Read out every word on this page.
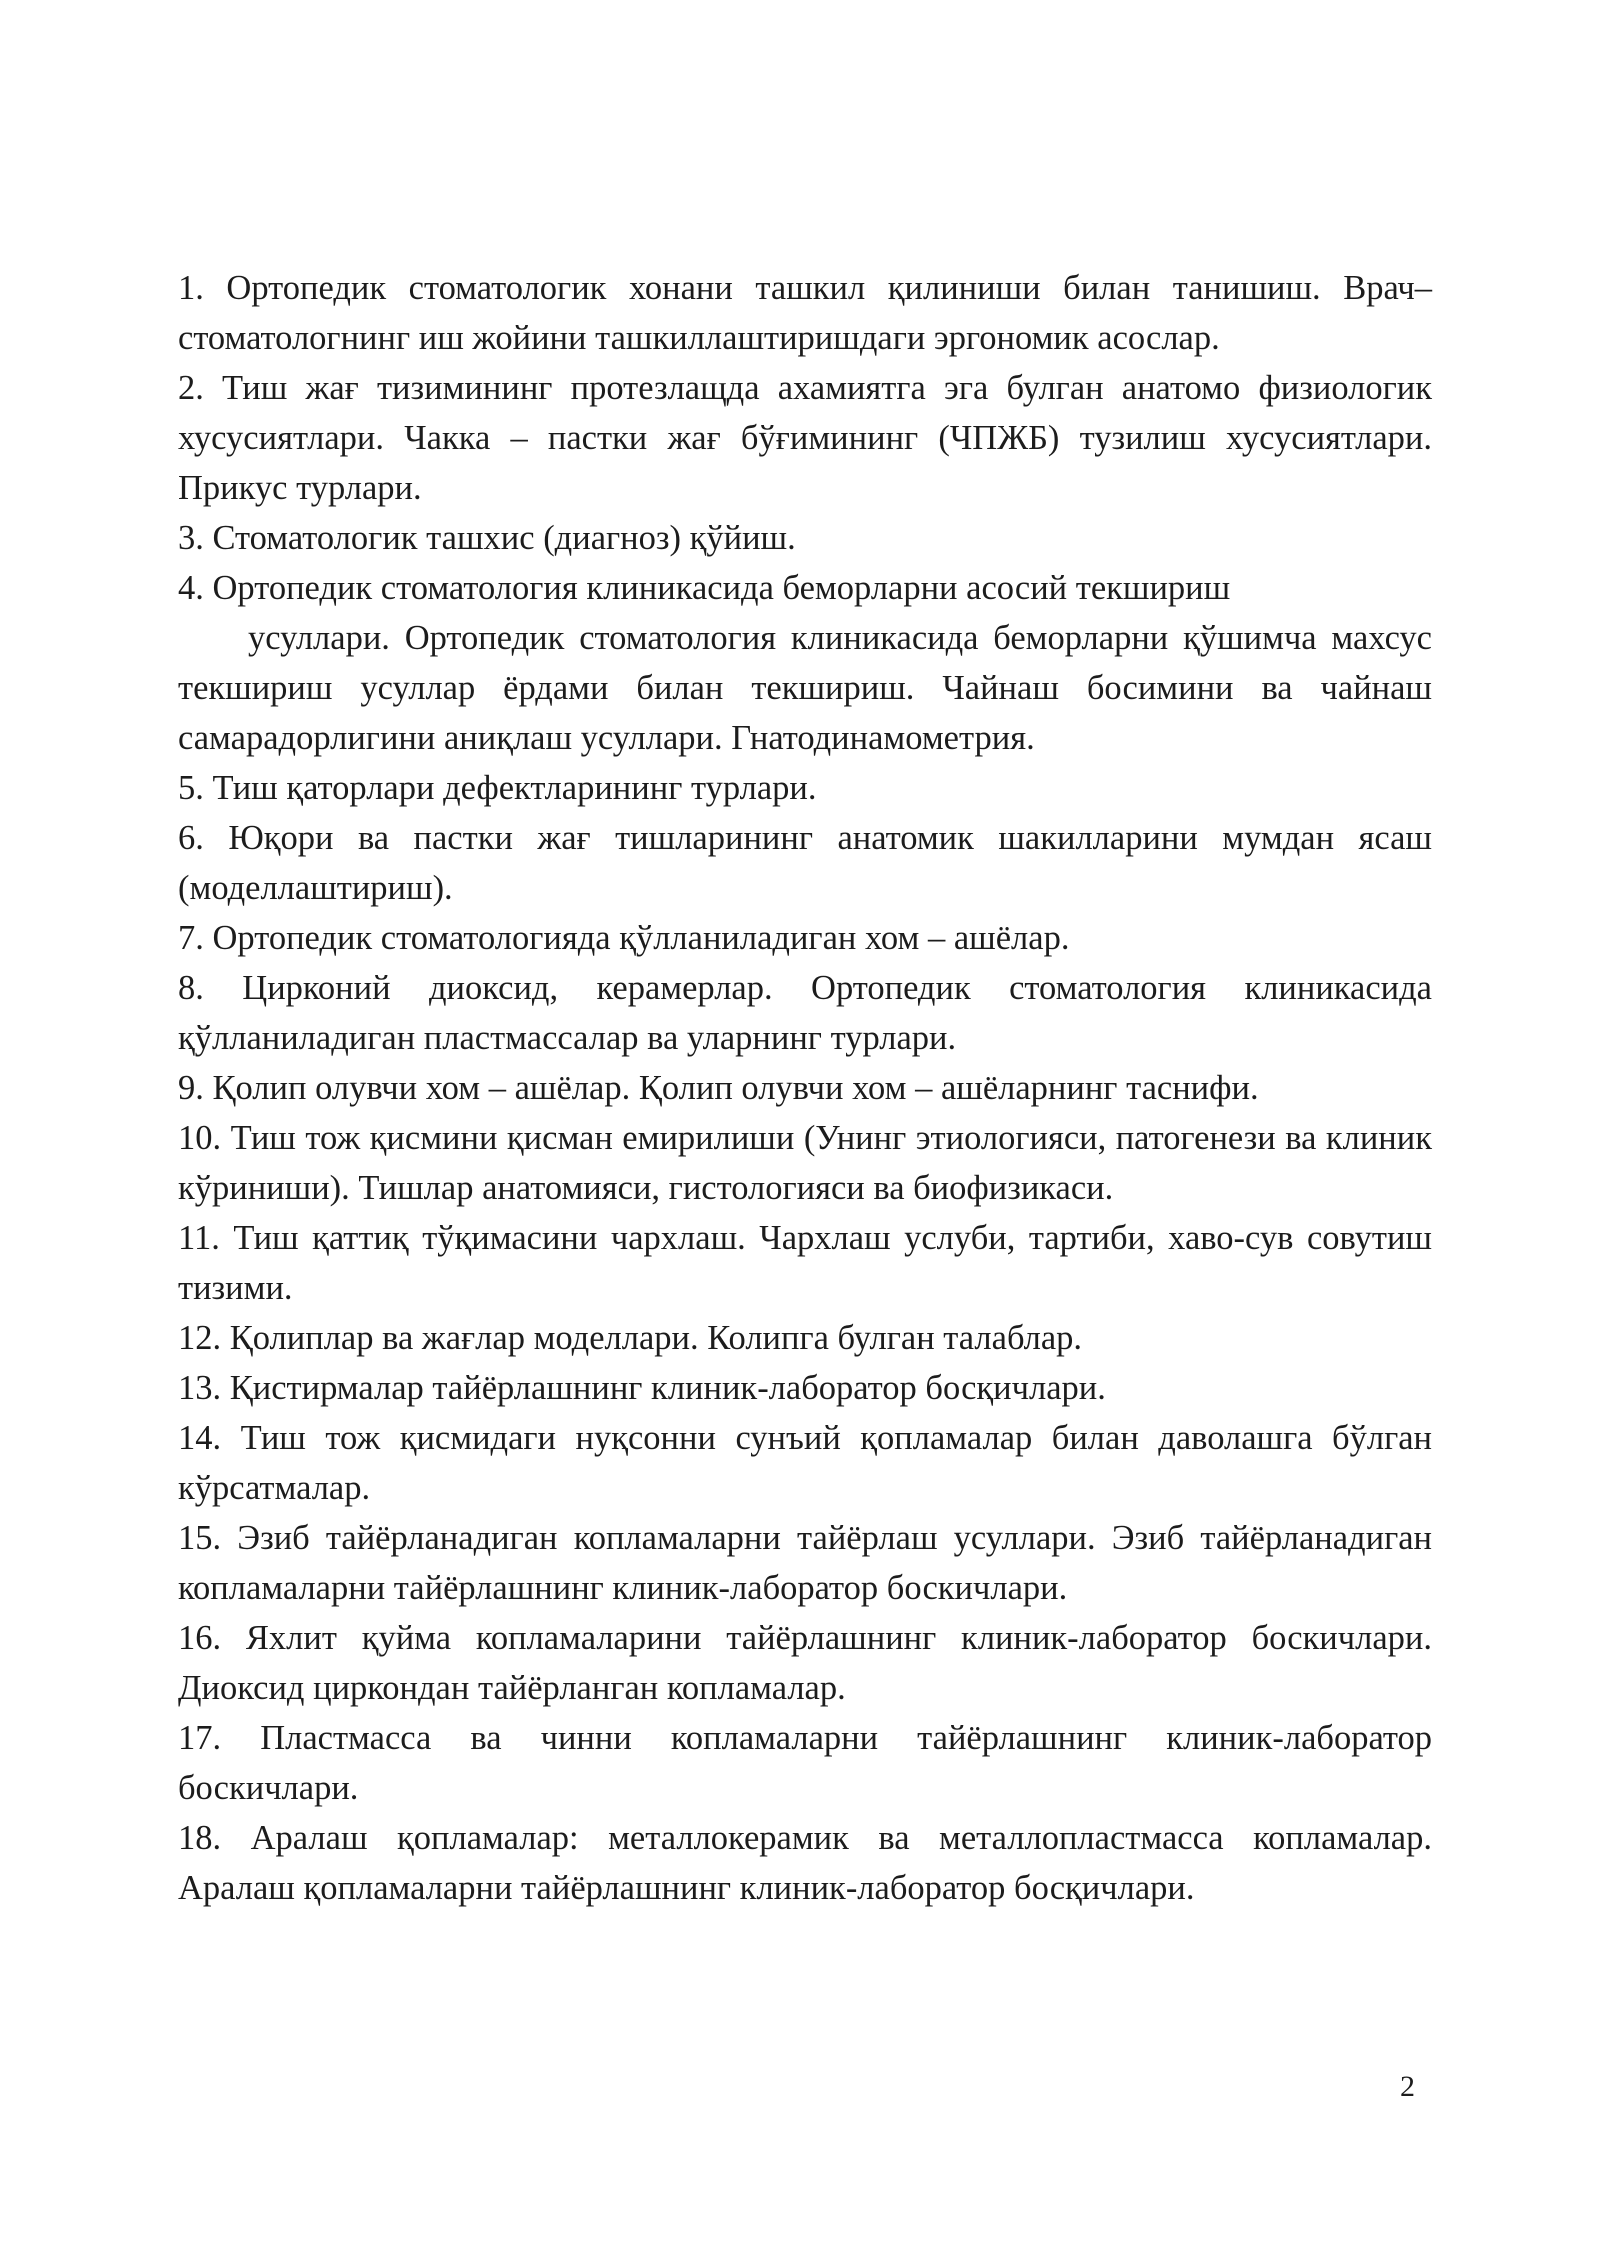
1. Ортопедик стоматологик хонани ташкил қилиниши билан танишиш. Врач–стоматологнинг иш жойини ташкиллаштиришдаги эргономик асослар.

2. Тиш жағ тизимининг протезлащда ахамиятга эга булган анатомо физиологик хусусиятлари. Чакка – пастки жағ бўғимининг (ЧПЖБ) тузилиш хусусиятлари. Прикус турлари.

3. Стоматологик ташхис (диагноз) қўйиш.

4. Ортопедик стоматология клиникасида беморларни асосий текшириш
усуллари. Ортопедик стоматология клиникасида беморларни қўшимча махсус текшириш усуллар ёрдами билан текшириш. Чайнаш босимини ва чайнаш самарадорлигини аниқлаш усуллари. Гнатодинамометрия.

5. Тиш қаторлари дефектларининг турлари.

6. Юқори ва пастки жағ тишларининг анатомик шакилларини мумдан ясаш (моделлаштириш).

7. Ортопедик стоматологияда қўлланиладиган хом – ашёлар.

8. Цирконий диоксид, керамерлар. Ортопедик стоматология клиникасида қўлланиладиган пластмассалар ва уларнинг турлари.

9. Қолип олувчи хом – ашёлар. Қолип олувчи хом – ашёларнинг таснифи.

10. Тиш тож қисмини қисман емирилиши (Унинг этиологияси, патогенези ва клиник кўриниши). Тишлар анатомияси, гистологияси ва биофизикаси.

11. Тиш қаттиқ тўқимасини чархлаш. Чархлаш услуби, тартиби, хаво-сув совутиш тизими.

12. Қолиплар ва жағлар моделлари. Колипга булган талаблар.

13. Қистирмалар тайёрлашнинг клиник-лаборатор босқичлари.

14. Тиш тож қисмидаги нуқсонни сунъий қопламалар билан даволашга бўлган кўрсатмалар.

15. Эзиб тайёрланадиган копламаларни тайёрлаш усуллари. Эзиб тайёрланадиган копламаларни тайёрлашнинг клиник-лаборатор боскичлари.

16. Яхлит қуйма копламаларини тайёрлашнинг клиник-лаборатор боскичлари. Диоксид циркондан тайёрланган копламалар.

17. Пластмасса ва чинни копламаларни тайёрлашнинг клиник-лаборатор боскичлари.

18. Аралаш қопламалар: металлокерамик ва металлопластмасса копламалар. Аралаш қопламаларни тайёрлашнинг клиник-лаборатор босқичлари.

2
